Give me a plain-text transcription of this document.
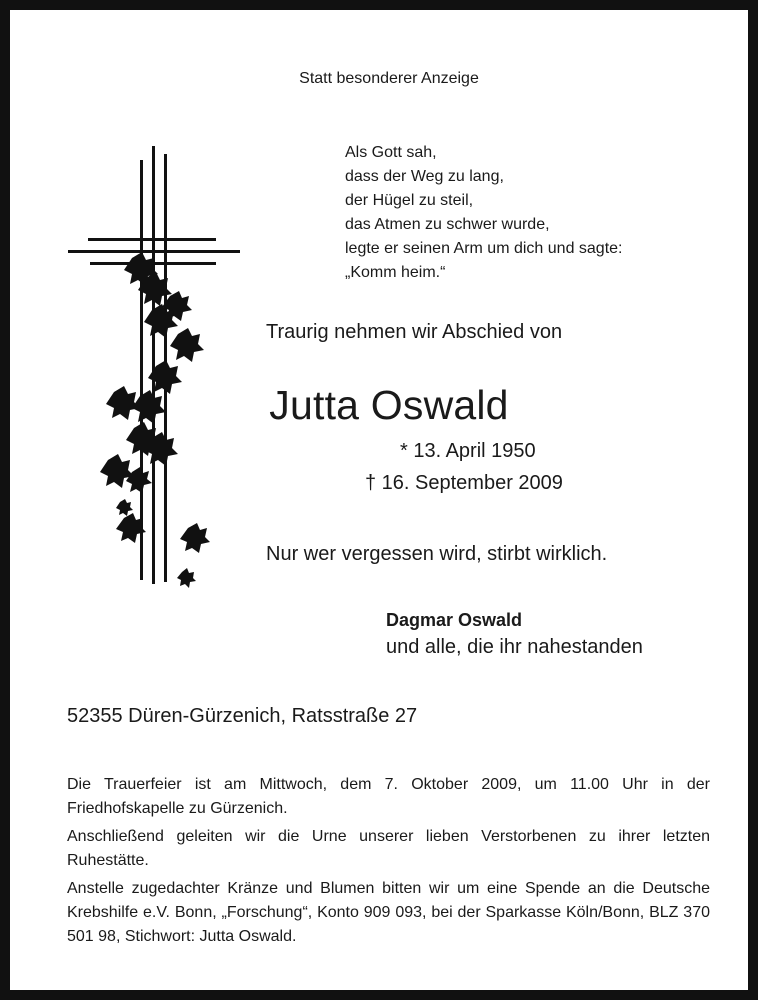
Statt besonderer Anzeige
Als Gott sah,
dass der Weg zu lang,
der Hügel zu steil,
das Atmen zu schwer wurde,
legte er seinen Arm um dich und sagte:
„Komm heim.“
Traurig nehmen wir Abschied von
Jutta Oswald
* 13. April 1950
† 16. September 2009
Nur wer vergessen wird, stirbt wirklich.
Dagmar Oswald
und alle, die ihr nahestanden
52355 Düren-Gürzenich, Ratsstraße 27

Die Trauerfeier ist am Mittwoch, dem 7. Oktober 2009, um 11.00 Uhr in der Friedhofskapelle zu Gürzenich.

Anschließend geleiten wir die Urne unserer lieben Verstorbenen zu ihrer letzten Ruhestätte.

Anstelle zugedachter Kränze und Blumen bitten wir um eine Spende an die Deutsche Krebshilfe e.V. Bonn, „Forschung“, Konto 909 093, bei der Sparkasse Köln/Bonn, BLZ 370 501 98, Stichwort: Jutta Oswald.
